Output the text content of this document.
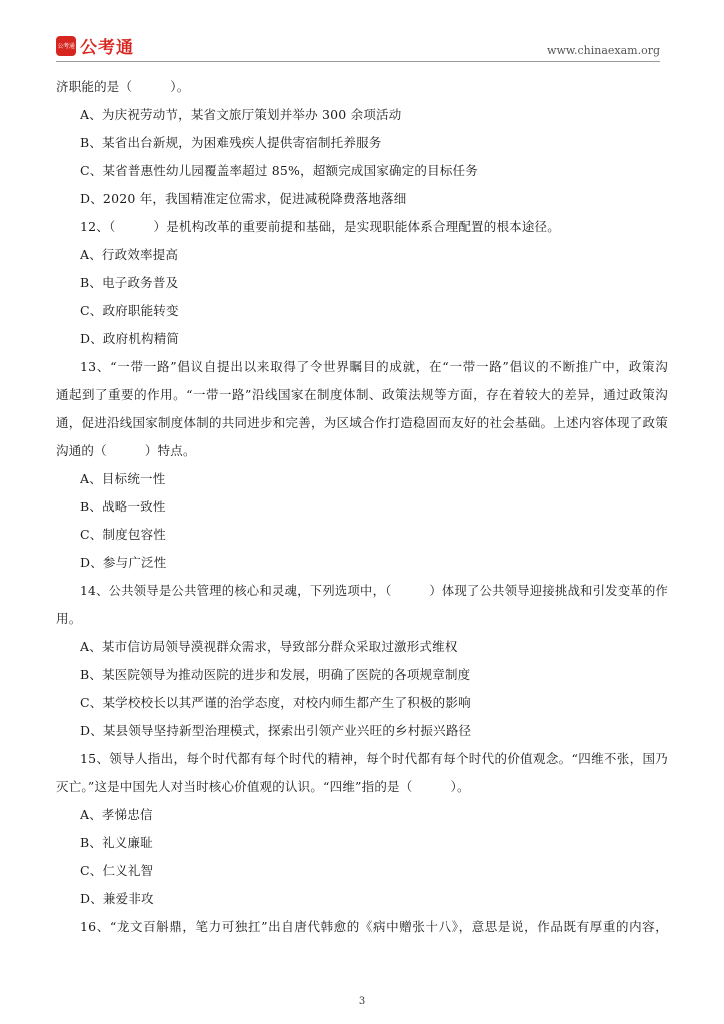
公考通 公考通	www.chinaexam.org
济职能的是（　　　）。
A、为庆祝劳动节，某省文旅厅策划并举办 300 余项活动
B、某省出台新规，为困难残疾人提供寄宿制托养服务
C、某省普惠性幼儿园覆盖率超过 85%，超额完成国家确定的目标任务
D、2020 年，我国精准定位需求，促进减税降费落地落细
12、（　　　）是机构改革的重要前提和基础，是实现职能体系合理配置的根本途径。
A、行政效率提高
B、电子政务普及
C、政府职能转变
D、政府机构精简
13、“一带一路”倡议自提出以来取得了令世界瞩目的成就，在“一带一路”倡议的不断推广中，政策沟
通起到了重要的作用。“一带一路”沿线国家在制度体制、政策法规等方面，存在着较大的差异，通过政策沟
通，促进沿线国家制度体制的共同进步和完善，为区域合作打造稳固而友好的社会基础。上述内容体现了政策
沟通的（　　　）特点。
A、目标统一性
B、战略一致性
C、制度包容性
D、参与广泛性
14、公共领导是公共管理的核心和灵魂，下列选项中，（　　　）体现了公共领导迎接挑战和引发变革的作
用。
A、某市信访局领导漠视群众需求，导致部分群众采取过激形式维权
B、某医院领导为推动医院的进步和发展，明确了医院的各项规章制度
C、某学校校长以其严谨的治学态度，对校内师生都产生了积极的影响
D、某县领导坚持新型治理模式，探索出引领产业兴旺的乡村振兴路径
15、领导人指出，每个时代都有每个时代的精神，每个时代都有每个时代的价值观念。“四维不张，国乃
灭亡。”这是中国先人对当时核心价值观的认识。“四维”指的是（　　　）。
A、孝悌忠信
B、礼义廉耻
C、仁义礼智
D、兼爱非攻
16、“龙文百斛鼎，笔力可独扛”出自唐代韩愈的《病中赠张十八》，意思是说，作品既有厚重的内容，
3
